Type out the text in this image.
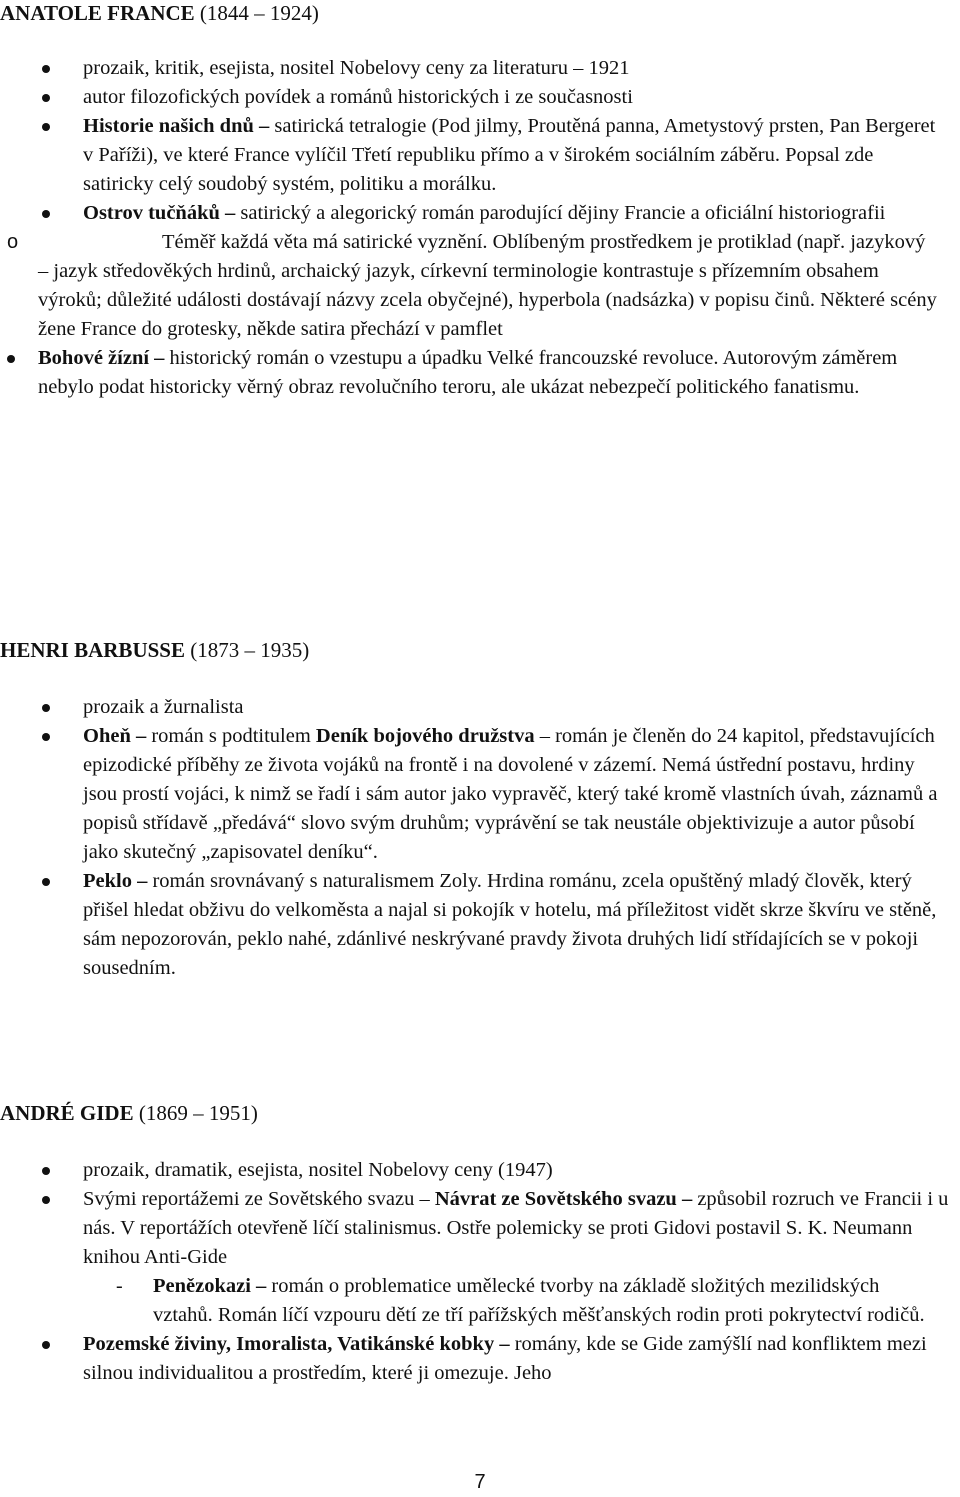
ANATOLE FRANCE (1844 – 1924)

prozaik, kritik, esejista, nositel Nobelovy ceny za literaturu – 1921
autor filozofických povídek a románů historických i ze současnosti
Historie našich dnů – satirická tetralogie (Pod jilmy, Proutěná panna, Ametystový prsten, Pan Bergeret v Paříži), ve které France vylíčil Třetí republiku přímo a v širokém sociálním záběru. Popsal zde satiricky celý soudobý systém, politiku a morálku.
Ostrov tučňáků – satirický a alegorický román parodující dějiny Francie a oficiální historiografii
o	Téměř každá věta má satirické vyznění. Oblíbeným prostředkem je protiklad (např. jazykový – jazyk středověkých hrdinů, archaický jazyk, církevní terminologie kontrastuje s přízemním obsahem výroků; důležité události dostávají názvy zcela obyčejné), hyperbola (nadsázka) v popisu činů. Některé scény žene France do grotesky, někde satira přechází v pamflet
Bohové žízní – historický román o vzestupu a úpadku Velké francouzské revoluce. Autorovým záměrem nebylo podat historicky věrný obraz revolučního teroru, ale ukázat nebezpečí politického fanatismu.

HENRI BARBUSSE (1873 – 1935)

prozaik a žurnalista
Oheň – román s podtitulem Deník bojového družstva – román je členěn do 24 kapitol, představujících epizodické příběhy ze života vojáků na frontě i na dovolené v zázemí. Nemá ústřední postavu, hrdiny jsou prostí vojáci, k nimž se řadí i sám autor jako vypravěč, který také kromě vlastních úvah, záznamů a popisů střídavě „předává“ slovo svým druhům; vyprávění se tak neustále objektivizuje a autor působí jako skutečný „zapisovatel deníku“.
Peklo – román srovnávaný s naturalismem Zoly. Hrdina románu, zcela opuštěný mladý člověk, který přišel hledat obživu do velkoměsta a najal si pokojík v hotelu, má příležitost vidět skrze škvíru ve stěně, sám nepozorován, peklo nahé, zdánlivé neskrývané pravdy života druhých lidí střídajících se v pokoji sousedním.

ANDRÉ GIDE (1869 – 1951)

prozaik, dramatik, esejista, nositel Nobelovy ceny (1947)
Svými reportážemi ze Sovětského svazu – Návrat ze Sovětského svazu – způsobil rozruch ve Francii i u nás. V reportážích otevřeně líčí stalinismus. Ostře polemicky se proti Gidovi postavil S. K. Neumann knihou Anti-Gide
- Penězokazi – román o problematice umělecké tvorby na základě složitých mezilidských vztahů. Román líčí vzpouru dětí ze tří pařížských měšťanských rodin proti pokrytectví rodičů.
Pozemské živiny, Imoralista, Vatikánské kobky – romány, kde se Gide zamýšlí nad konfliktem mezi silnou individualitou a prostředím, které ji omezuje. Jeho
7
